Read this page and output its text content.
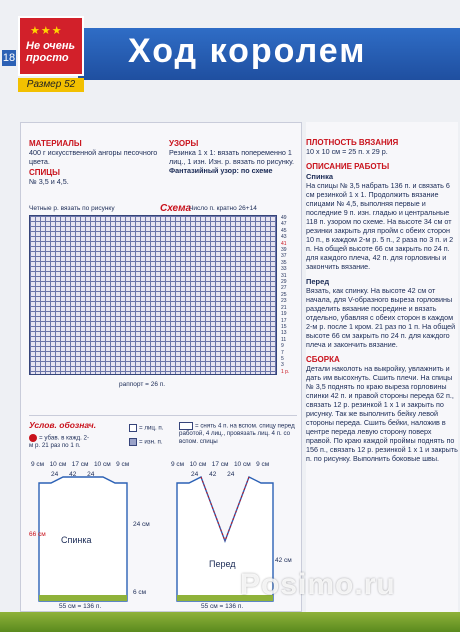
18	Ход королем
★★★
Не очень просто
Размер 52
МАТЕРИАЛЫ
400 г искусственной ангоры песочного цвета.
СПИЦЫ
№ 3,5 и 4,5.
УЗОРЫ
Резинка 1 х 1: вязать попеременно 1 лиц., 1 изн. Изн. р. вязать по рисунку.
Фантазийный узор: по схеме
Четные р. вязать по рисунку	Схема
Число п. кратно 26+14
49
47
45
43
41
39
37
35
33
31
29
27
25
23
21
19
17
15
13
11
9
7
5
3
1 р.
раппорт = 26 п.
Услов. обознач.
= убав. в кажд. 2-м р. 21 раз по 1 п.
= лиц. п.
= изн. п.
= снять 4 п. на вспом. спицу перед работой, 4 лиц., провязать лиц. 4 п. со вспом. спицы
9 см 10 см 17 см 10 см 9 см	9 см 10 см 17 см 10 см 9 см
24 42 24	24 42 24
Спинка
Перед
66 см
24 см
42 см
6 см
55 см = 136 п.	55 см = 136 п.
ПЛОТНОСТЬ ВЯЗАНИЯ
10 х 10 см = 25 п. х 29 р.
ОПИСАНИЕ РАБОТЫ
Спинка
На спицы № 3,5 набрать 136 п. и связать 6 см резинкой 1 х 1. Продолжить вязание спицами № 4,5, выполняя первые и последние 9 п. изн. гладью и центральные 118 п. узором по схеме. На высоте 34 см от резинки закрыть для пройм с обеих сторон 10 п., в каждом 2-м р. 5 п., 2 раза по 3 п. и 2 п. На общей высоте 66 см закрыть по 24 п. для каждого плеча, 42 п. для горловины и закончить вязание.
Перед
Вязать, как спинку. На высоте 42 см от начала, для V-образного выреза горловины разделить вязание посредине и вязать отдельно, убавляя с обеих сторон в каждом 2-м р. после 1 кром. 21 раз по 1 п. На общей высоте 66 см закрыть по 24 п. для каждого плеча и закончить вязание.
СБОРКА
Детали наколоть на выкройку, увлажнить и дать им высохнуть. Сшить плечи. На спицы № 3,5 поднять по краю выреза горловины спинки 42 п. и правой стороны переда 62 п., связать 12 р. резинкой 1 х 1 и закрыть по рисунку. Так же выполнить бейку левой стороны переда. Сшить бейки, наложив в центре переда левую сторону поверх правой. По краю каждой проймы поднять по 156 п., связать 12 р. резинкой 1 х 1 и закрыть п. по рисунку. Выполнить боковые швы.
Posimo.ru
